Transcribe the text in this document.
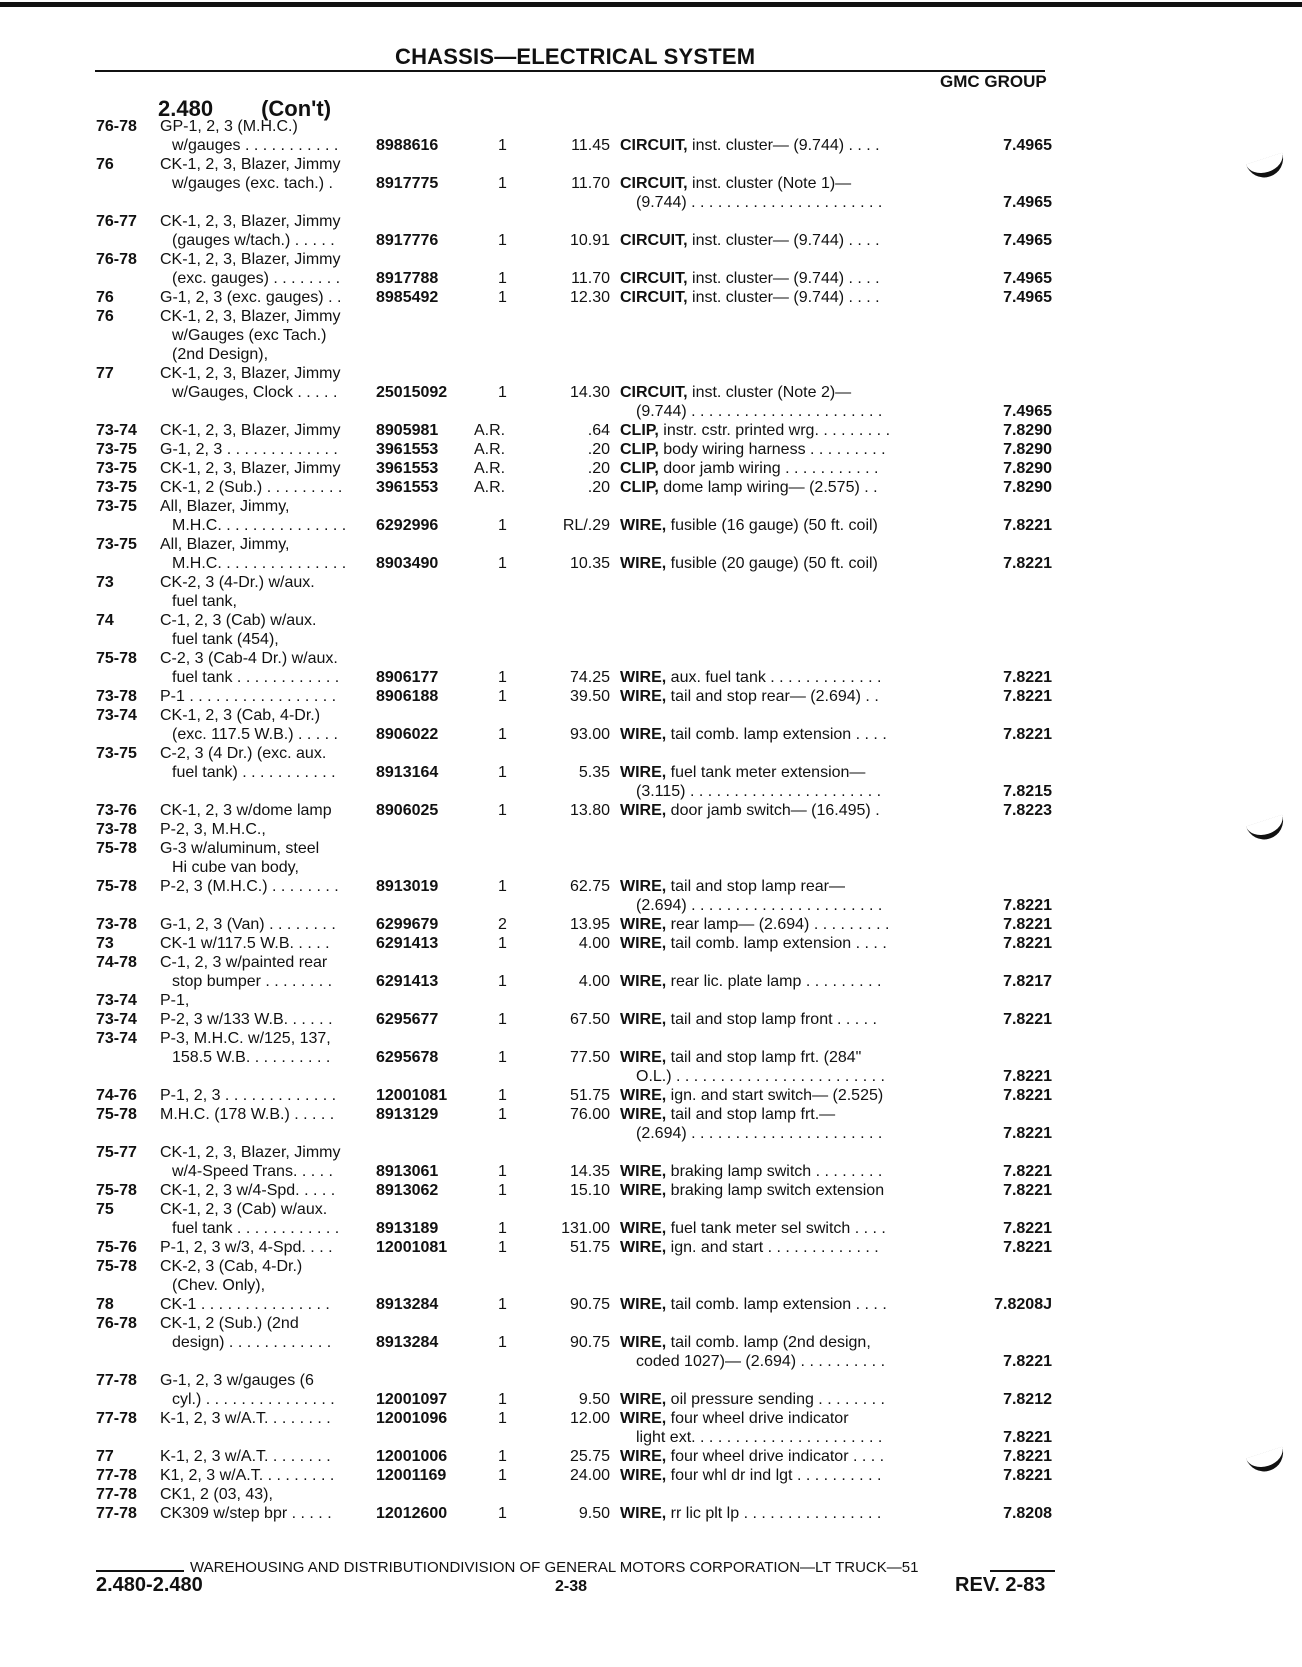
CHASSIS—ELECTRICAL SYSTEM
GMC GROUP
2.480 (Con't)
76-78 GP-1, 2, 3 (M.H.C.)
w/gauges . . . . . . . . . . .	8988616	1	11.45 CIRCUIT, inst. cluster— (9.744) . . . .	7.4965
76	CK-1, 2, 3, Blazer, Jimmy
w/gauges (exc. tach.) .	8917775	1	11.70 CIRCUIT, inst. cluster (Note 1)—
(9.744) . . . . . . . . . . . . . . . . . . . . . .	7.4965
76-77 CK-1, 2, 3, Blazer, Jimmy
(gauges w/tach.) . . . . .	8917776	1	10.91 CIRCUIT, inst. cluster— (9.744) . . . .	7.4965
76-78 CK-1, 2, 3, Blazer, Jimmy
(exc. gauges) . . . . . . . .	8917788	1	11.70 CIRCUIT, inst. cluster— (9.744) . . . .	7.4965
76	G-1, 2, 3 (exc. gauges) . .	8985492	1	12.30 CIRCUIT, inst. cluster— (9.744) . . . .	7.4965
76	CK-1, 2, 3, Blazer, Jimmy
w/Gauges (exc Tach.)
(2nd Design),
77	CK-1, 2, 3, Blazer, Jimmy
w/Gauges, Clock . . . . .	25015092	1	14.30 CIRCUIT, inst. cluster (Note 2)—
(9.744) . . . . . . . . . . . . . . . . . . . . . .	7.4965
73-74 CK-1, 2, 3, Blazer, Jimmy	8905981 A.R.	.64 CLIP, instr. cstr. printed wrg. . . . . . . . .	7.8290
73-75 G-1, 2, 3 . . . . . . . . . . . . .	3961553 A.R.	.20 CLIP, body wiring harness . . . . . . . . .	7.8290
73-75 CK-1, 2, 3, Blazer, Jimmy	3961553 A.R.	.20 CLIP, door jamb wiring . . . . . . . . . . .	7.8290
73-75 CK-1, 2 (Sub.) . . . . . . . . .	3961553 A.R.	.20 CLIP, dome lamp wiring— (2.575) . .	7.8290
73-75 All, Blazer, Jimmy,
M.H.C. . . . . . . . . . . . . . .	6292996	1	RL/.29 WIRE, fusible (16 gauge) (50 ft. coil)	7.8221
73-75 All, Blazer, Jimmy,
M.H.C. . . . . . . . . . . . . . .	8903490	1	10.35 WIRE, fusible (20 gauge) (50 ft. coil)	7.8221
73	CK-2, 3 (4-Dr.) w/aux.
fuel tank,
74	C-1, 2, 3 (Cab) w/aux.
fuel tank (454),
75-78 C-2, 3 (Cab-4 Dr.) w/aux.
fuel tank . . . . . . . . . . . .	8906177	1	74.25 WIRE, aux. fuel tank . . . . . . . . . . . . .	7.8221
73-78 P-1 . . . . . . . . . . . . . . . . .	8906188	1	39.50 WIRE, tail and stop rear— (2.694) . .	7.8221
73-74 CK-1, 2, 3 (Cab, 4-Dr.)
(exc. 117.5 W.B.) . . . . .	8906022	1	93.00 WIRE, tail comb. lamp extension . . . .	7.8221
73-75 C-2, 3 (4 Dr.) (exc. aux.
fuel tank) . . . . . . . . . . .	8913164	1	5.35 WIRE, fuel tank meter extension—
(3.115) . . . . . . . . . . . . . . . . . . . . . .	7.8215
73-76 CK-1, 2, 3 w/dome lamp	8906025	1	13.80 WIRE, door jamb switch— (16.495) .	7.8223
73-78 P-2, 3, M.H.C.,
75-78 G-3 w/aluminum, steel
Hi cube van body,
75-78 P-2, 3 (M.H.C.) . . . . . . . .	8913019	1	62.75 WIRE, tail and stop lamp rear—
(2.694) . . . . . . . . . . . . . . . . . . . . . .	7.8221
73-78 G-1, 2, 3 (Van) . . . . . . . .	6299679	2	13.95 WIRE, rear lamp— (2.694) . . . . . . . . .	7.8221
73	CK-1 w/117.5 W.B. . . . .	6291413	1	4.00 WIRE, tail comb. lamp extension . . . .	7.8221
74-78 C-1, 2, 3 w/painted rear
stop bumper . . . . . . . .	6291413	1	4.00 WIRE, rear lic. plate lamp . . . . . . . . .	7.8217
73-74 P-1,
73-74 P-2, 3 w/133 W.B. . . . . .	6295677	1	67.50 WIRE, tail and stop lamp front . . . . .	7.8221
73-74 P-3, M.H.C. w/125, 137,
158.5 W.B. . . . . . . . . .	6295678	1	77.50 WIRE, tail and stop lamp frt. (284"
O.L.) . . . . . . . . . . . . . . . . . . . . . . . .	7.8221
74-76 P-1, 2, 3 . . . . . . . . . . . . .	12001081	1	51.75 WIRE, ign. and start switch— (2.525)	7.8221
75-78 M.H.C. (178 W.B.) . . . . .	8913129	1	76.00 WIRE, tail and stop lamp frt.—
(2.694) . . . . . . . . . . . . . . . . . . . . . .	7.8221
75-77 CK-1, 2, 3, Blazer, Jimmy
w/4-Speed Trans. . . . .	8913061	1	14.35 WIRE, braking lamp switch . . . . . . . .	7.8221
75-78 CK-1, 2, 3 w/4-Spd. . . . .	8913062	1	15.10 WIRE, braking lamp switch extension	7.8221
75	CK-1, 2, 3 (Cab) w/aux.
fuel tank . . . . . . . . . . . .	8913189	1	131.00 WIRE, fuel tank meter sel switch . . . .	7.8221
75-76 P-1, 2, 3 w/3, 4-Spd. . . .	12001081	1	51.75 WIRE, ign. and start . . . . . . . . . . . . .	7.8221
75-78 CK-2, 3 (Cab, 4-Dr.)
(Chev. Only),
78	CK-1 . . . . . . . . . . . . . . .	8913284	1	90.75 WIRE, tail comb. lamp extension . . . .	7.8208J
76-78 CK-1, 2 (Sub.) (2nd
design) . . . . . . . . . . . .	8913284	1	90.75 WIRE, tail comb. lamp (2nd design,
coded 1027)— (2.694) . . . . . . . . . .	7.8221
77-78 G-1, 2, 3 w/gauges (6
cyl.) . . . . . . . . . . . . . . .	12001097	1	9.50 WIRE, oil pressure sending . . . . . . . .	7.8212
77-78 K-1, 2, 3 w/A.T. . . . . . . .	12001096	1	12.00 WIRE, four wheel drive indicator
light ext. . . . . . . . . . . . . . . . . . . . . .	7.8221
77	K-1, 2, 3 w/A.T. . . . . . . .	12001006	1	25.75 WIRE, four wheel drive indicator . . . .	7.8221
77-78 K1, 2, 3 w/A.T. . . . . . . . .	12001169	1	24.00 WIRE, four whl dr ind lgt . . . . . . . . . .	7.8221
77-78 CK1, 2 (03, 43),
77-78 CK309 w/step bpr . . . . .	12012600	1	9.50 WIRE, rr lic plt lp . . . . . . . . . . . . . . . .	7.8208
WAREHOUSING AND DISTRIBUTIONDIVISION OF GENERAL MOTORS CORPORATION—LT TRUCK—51
2.480-2.480	2-38	REV. 2-83
